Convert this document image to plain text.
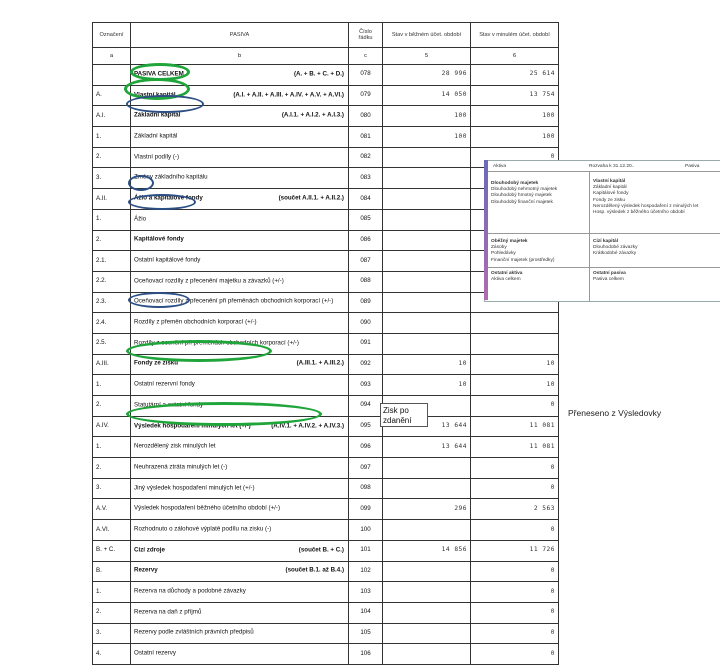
Označení	PASIVA	Číslo řádku	Stav v běžném účet. období	Stav v minulém účet. období
a	b	c	5	6

	PASIVA CELKEM (A. + B. + C. + D.)	078	28 996	25 614
A.	Vlastní kapitál (A.I. + A.II. + A.III. + A.IV. + A.V. + A.VI.)	079	14 050	13 754
A.I.	Základní kapitál (A.I.1. + A.I.2. + A.I.3.)	080	100	100
1.	Základní kapitál	081	100	100
2.	Vlastní podíly (-)	082		0
3.	Změny základního kapitálu	083		
A.II.	Ážio a kapitálové fondy (součet A.II.1. + A.II.2.)	084		
1.	Ážio	085		
2.	Kapitálové fondy	086		
2.1.	Ostatní kapitálové fondy	087		
2.2.	Oceňovací rozdíly z přecenění majetku a závazků (+/-)	088		
2.3.	Oceňovací rozdíly z přecenění při přeměnách obchodních korporací (+/-)	089		
2.4.	Rozdíly z přeměn obchodních korporací (+/-)	090		
2.5.	Rozdíly z ocenění při přeměnách obchodních korporací (+/-)	091		
A.III.	Fondy ze zisku (A.III.1. + A.III.2.)	092	10	10
1.	Ostatní rezervní fondy	093	10	10
2.	Statutární a ostatní fondy	094		0
A.IV.	Výsledek hospodaření minulých let (+/-) (A.IV.1. + A.IV.2. + A.IV.3.)	095	13 644	11 081
1.	Nerozdělený zisk minulých let	096	13 644	11 081
2.	Neuhrazená ztráta minulých let (-)	097		0
3.	Jiný výsledek hospodaření minulých let (+/-)	098		0
A.V.	Výsledek hospodaření běžného účetního období (+/-)	099	296	2 563
A.VI.	Rozhodnuto o zálohové výplatě podílu na zisku (-)	100		0
B. + C.	Cizí zdroje (součet B. + C.)	101	14 856	11 726
B.	Rezervy (součet B.1. až B.4.)	102		0
1.	Rezerva na důchody a podobné závazky	103		0
2.	Rezerva na daň z příjmů	104		0
3.	Rezervy podle zvláštních právních předpisů	105		0
4.	Ostatní rezervy	106		0
Aktiva	Rozvaha k 31.12.20..	Pasiva
Dlouhodobý majetek
Dlouhodobý nehmotný majetek
Dlouhodobý hmotný majetek
Dlouhodobý finanční majetek
Vlastní kapitál
Základní kapitál
Kapitálové fondy
Fondy ze zisku
Nerozdělený výsledek hospodaření z minulých let
Hosp. výsledek z běžného účetního období
Oběžný majetek
Zásoby
Pohledávky
Finanční majetek (prostředky)
Cizí kapitál
Dlouhodobé závazky
Krátkodobé závazky
Ostatní aktiva
Aktiva celkem
Ostatní pasiva
Pasiva celkem
Zisk po zdanění
Přeneseno z Výsledovky
